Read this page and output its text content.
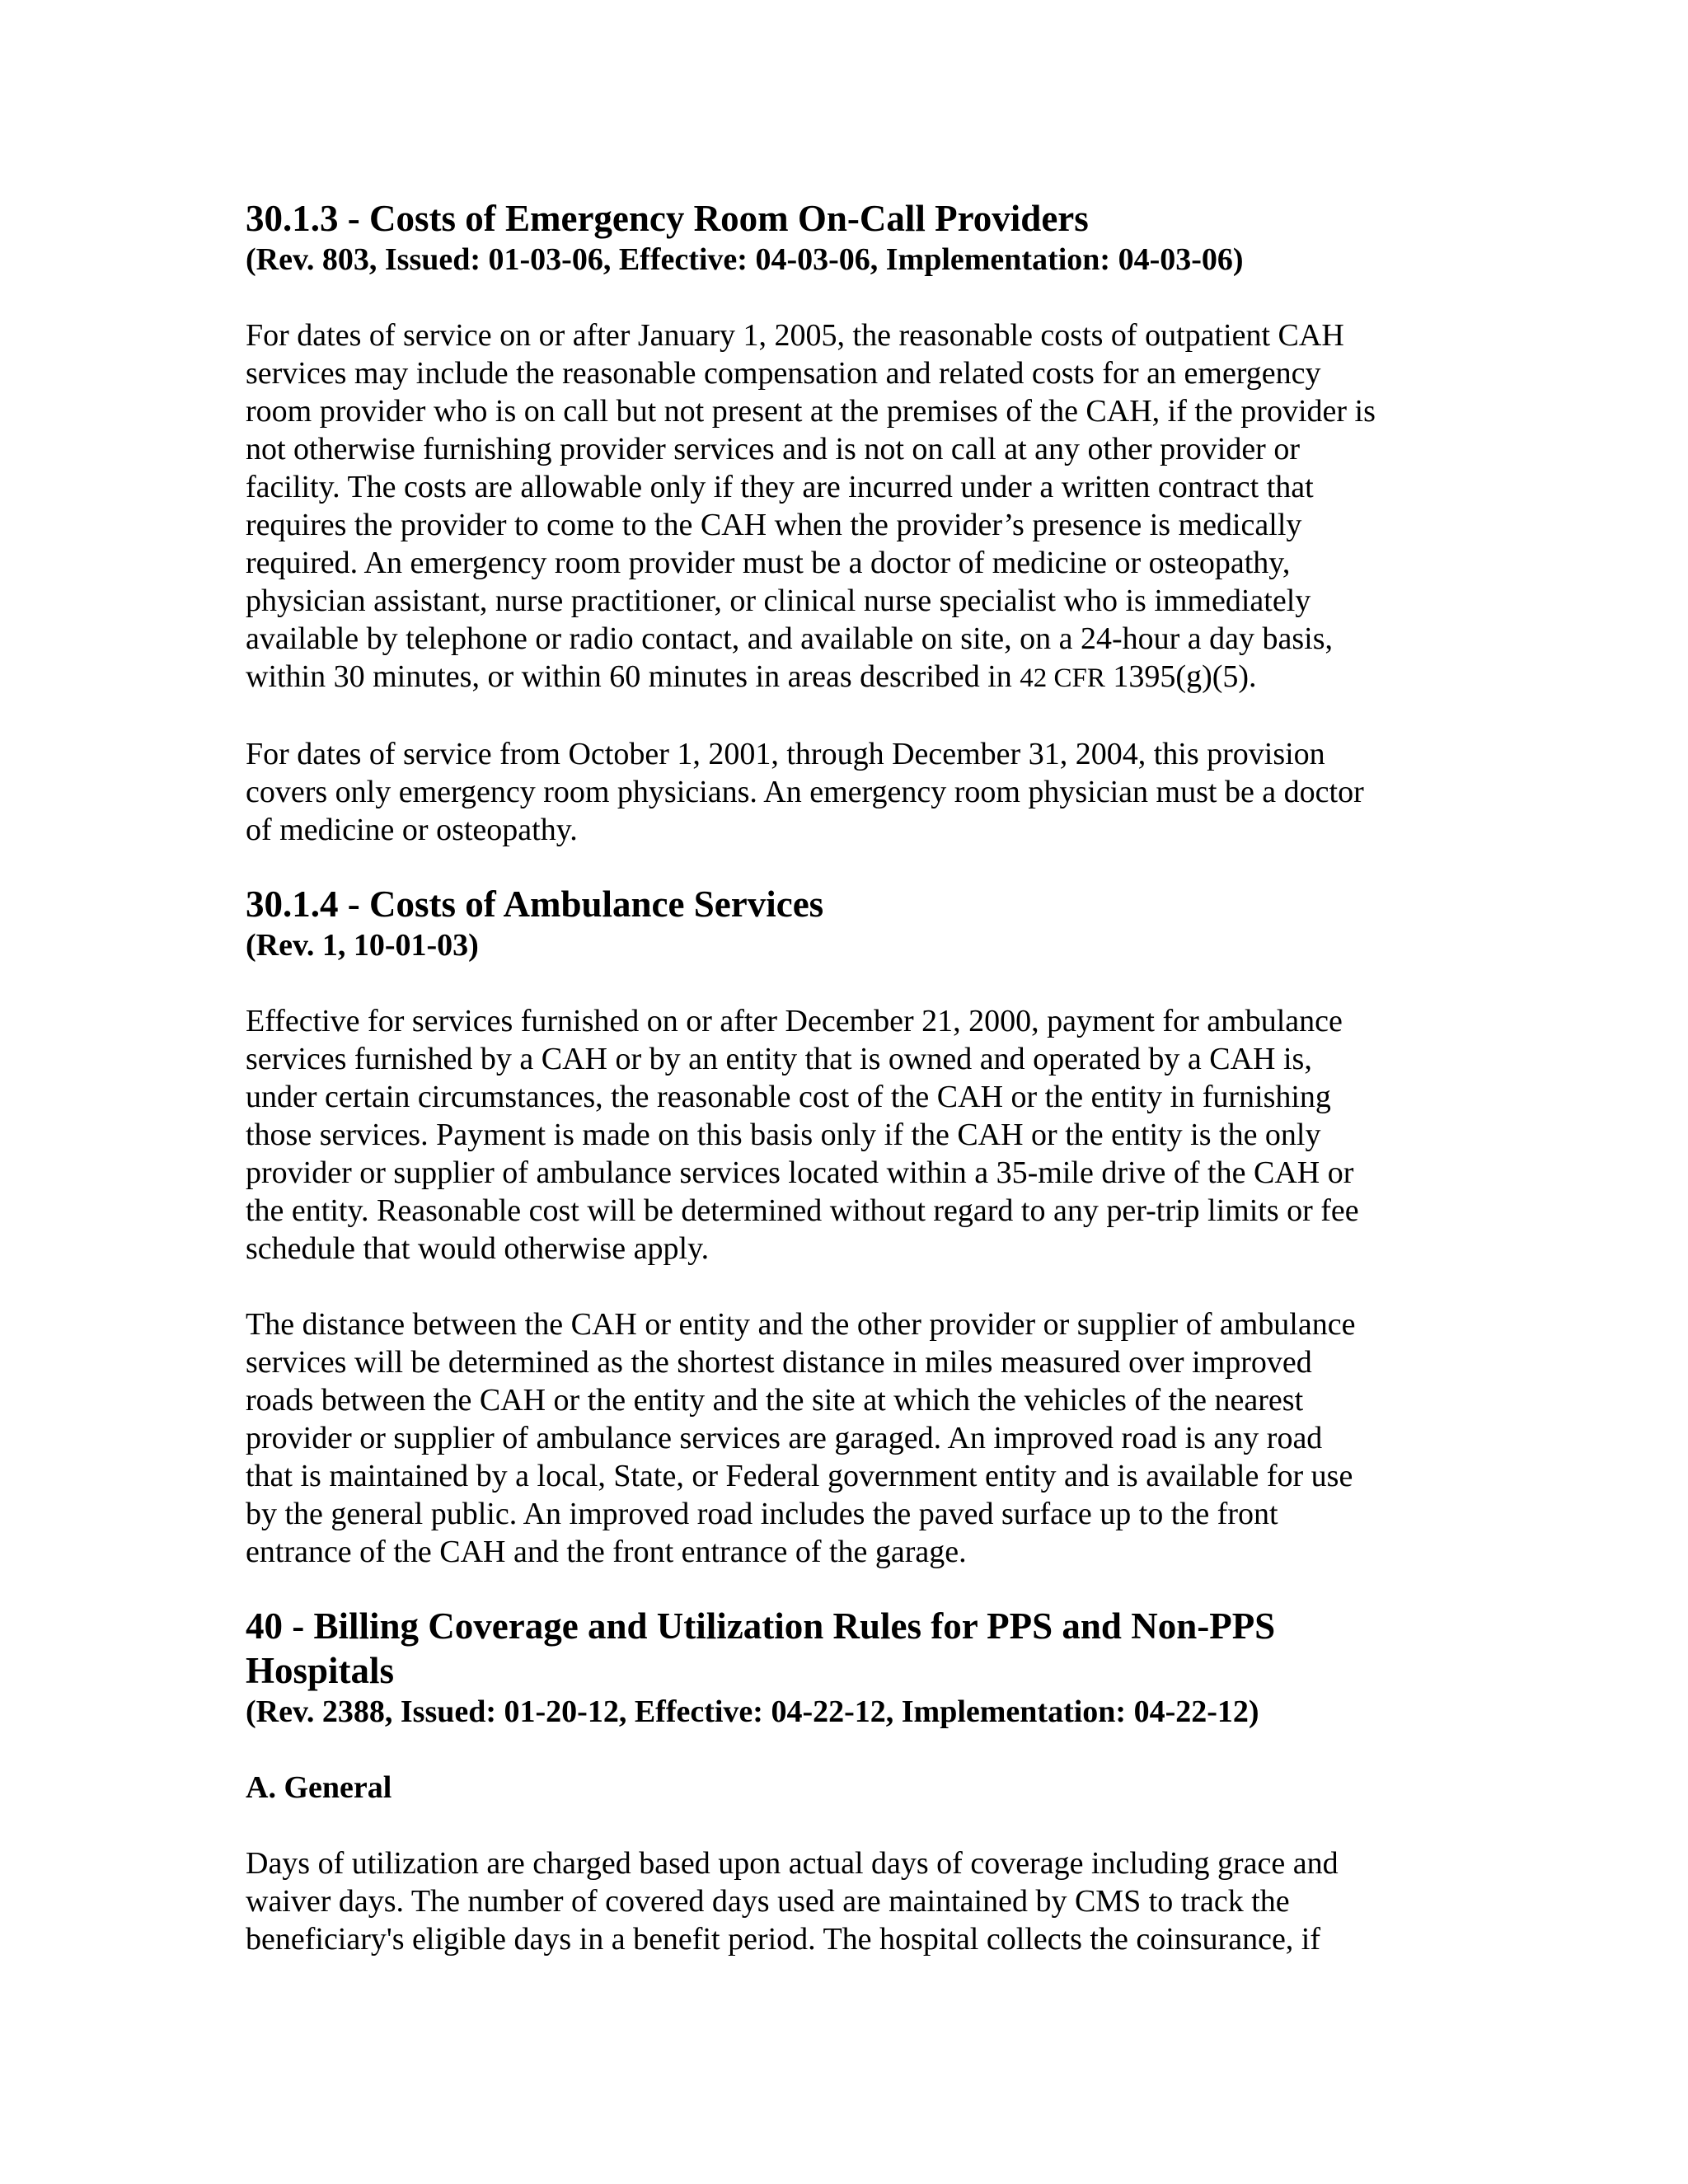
30.1.3 - Costs of Emergency Room On-Call Providers
(Rev. 803, Issued: 01-03-06, Effective: 04-03-06, Implementation: 04-03-06)
For dates of service on or after January 1, 2005, the reasonable costs of outpatient CAH
services may include the reasonable compensation and related costs for an emergency
room provider who is on call but not present at the premises of the CAH, if the provider is
not otherwise furnishing provider services and is not on call at any other provider or
facility. The costs are allowable only if they are incurred under a written contract that
requires the provider to come to the CAH when the provider’s presence is medically
required. An emergency room provider must be a doctor of medicine or osteopathy,
physician assistant, nurse practitioner, or clinical nurse specialist who is immediately
available by telephone or radio contact, and available on site, on a 24-hour a day basis,
within 30 minutes, or within 60 minutes in areas described in 42 CFR 1395(g)(5).
For dates of service from October 1, 2001, through December 31, 2004, this provision
covers only emergency room physicians. An emergency room physician must be a doctor
of medicine or osteopathy.
30.1.4 - Costs of Ambulance Services
(Rev. 1, 10-01-03)
Effective for services furnished on or after December 21, 2000, payment for ambulance
services furnished by a CAH or by an entity that is owned and operated by a CAH is,
under certain circumstances, the reasonable cost of the CAH or the entity in furnishing
those services. Payment is made on this basis only if the CAH or the entity is the only
provider or supplier of ambulance services located within a 35-mile drive of the CAH or
the entity. Reasonable cost will be determined without regard to any per-trip limits or fee
schedule that would otherwise apply.
The distance between the CAH or entity and the other provider or supplier of ambulance
services will be determined as the shortest distance in miles measured over improved
roads between the CAH or the entity and the site at which the vehicles of the nearest
provider or supplier of ambulance services are garaged. An improved road is any road
that is maintained by a local, State, or Federal government entity and is available for use
by the general public. An improved road includes the paved surface up to the front
entrance of the CAH and the front entrance of the garage.
40 - Billing Coverage and Utilization Rules for PPS and Non-PPS
Hospitals
(Rev. 2388, Issued: 01-20-12, Effective: 04-22-12, Implementation: 04-22-12)
A. General
Days of utilization are charged based upon actual days of coverage including grace and
waiver days. The number of covered days used are maintained by CMS to track the
beneficiary's eligible days in a benefit period. The hospital collects the coinsurance, if
